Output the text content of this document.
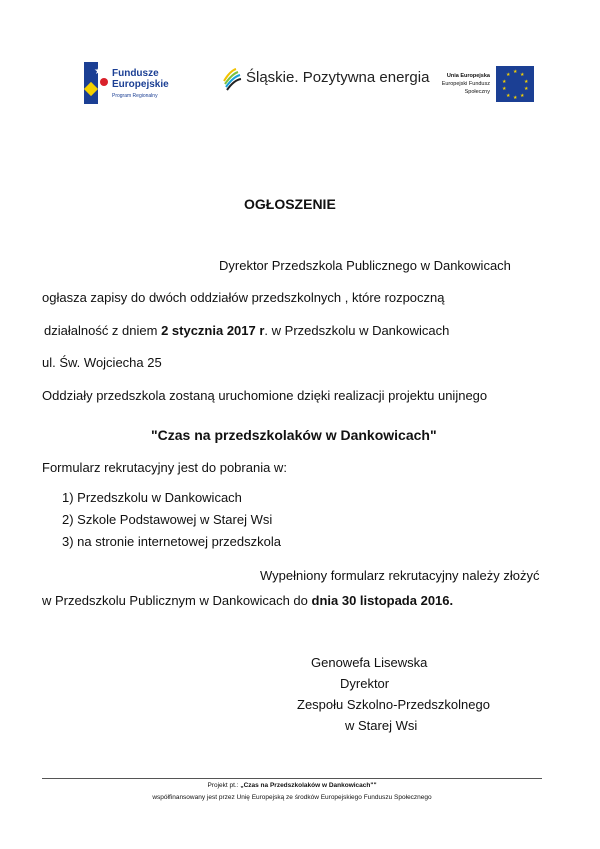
★ Fundusze
Europejskie
Program Regionalny
Śląskie. Pozytywna energia	Unia Europejska
Europejski Fundusz Społeczny
★ ★
★
★
★
★
★
★
★
★
OGŁOSZENIE
Dyrektor Przedszkola Publicznego w Dankowicach
ogłasza zapisy do dwóch oddziałów przedszkolnych , które rozpoczną
działalność z dniem 2 stycznia 2017 r. w Przedszkolu w Dankowicach
ul. Św. Wojciecha 25
Oddziały przedszkola zostaną uruchomione dzięki realizacji projektu unijnego
"Czas na przedszkolaków w Dankowicach"
Formularz rekrutacyjny jest do pobrania w:
1) Przedszkolu w Dankowicach
2) Szkole Podstawowej w Starej Wsi
3) na stronie internetowej przedszkola
Wypełniony formularz rekrutacyjny należy złożyć
w Przedszkolu Publicznym w Dankowicach do dnia 30 listopada 2016.
Genowefa Lisewska
Dyrektor
Zespołu Szkolno-Przedszkolnego
w Starej Wsi
Projekt pt.: „Czas na Przedszkolaków w Dankowicach""
współfinansowany jest przez Unię Europejską ze środków Europejskiego Funduszu Społecznego
